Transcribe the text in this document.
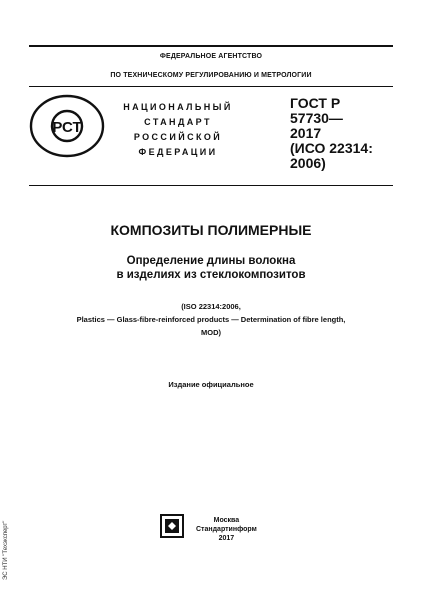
ФЕДЕРАЛЬНОЕ АГЕНТСТВО
ПО ТЕХНИЧЕСКОМУ РЕГУЛИРОВАНИЮ И МЕТРОЛОГИИ
РСТ
НАЦИОНАЛЬНЫЙ
СТАНДАРТ
РОССИЙСКОЙ
ФЕДЕРАЦИИ
ГОСТ Р
57730—
2017
(ИСО 22314:
2006)
КОМПОЗИТЫ ПОЛИМЕРНЫЕ
Определение длины волокна
в изделиях из стеклокомпозитов
(ISO 22314:2006,
Plastics — Glass-fibre-reinforced products — Determination of fibre length,
MOD)
Издание официальное
Москва
Стандартинформ
2017
ЭС НТИ "Техэксперт"
